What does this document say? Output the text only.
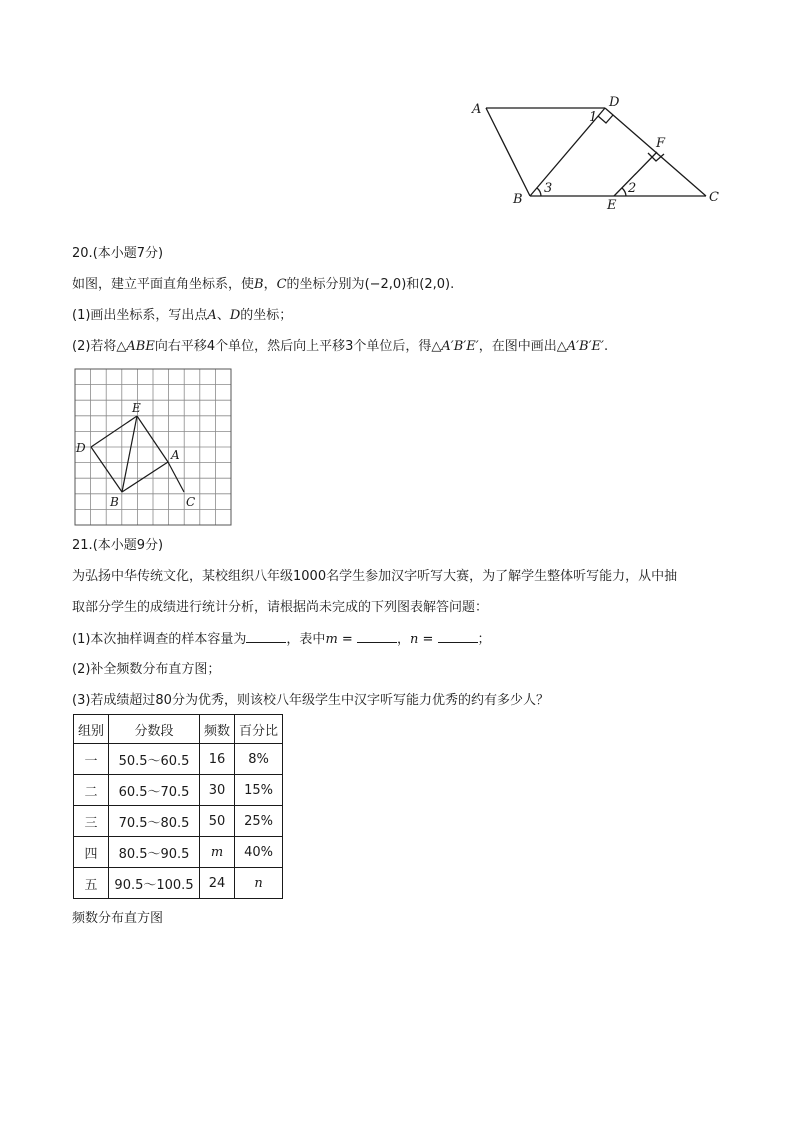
A	D
B	E
C
F
1
3	2
20.(本小题7分)
如图，建立平面直角坐标系，使B，C的坐标分别为(−2,0)和(2,0).
(1)画出坐标系，写出点A、D的坐标；
(2)若将△ABE向右平移4个单位，然后向上平移3个单位后，得△A′B′E′，在图中画出△A′B′E′.
E
D	A
B	C
21.(本小题9分)
为弘扬中华传统文化，某校组织八年级1000名学生参加汉字听写大赛，为了解学生整体听写能力，从中抽
取部分学生的成绩进行统计分析，请根据尚未完成的下列图表解答问题：
(1)本次抽样调查的样本容量为	，表中m =	，n =	；
(2)补全频数分布直方图；
(3)若成绩超过80分为优秀，则该校八年级学生中汉字听写能力优秀的约有多少人？
组别	分数段	频数	百分比
一	50.5～60.5	16	8%
二	60.5～70.5	30	15%
三	70.5～80.5	50	25%
四	80.5～90.5	m	40%
五	90.5～100.5	24	n
频数分布直方图
